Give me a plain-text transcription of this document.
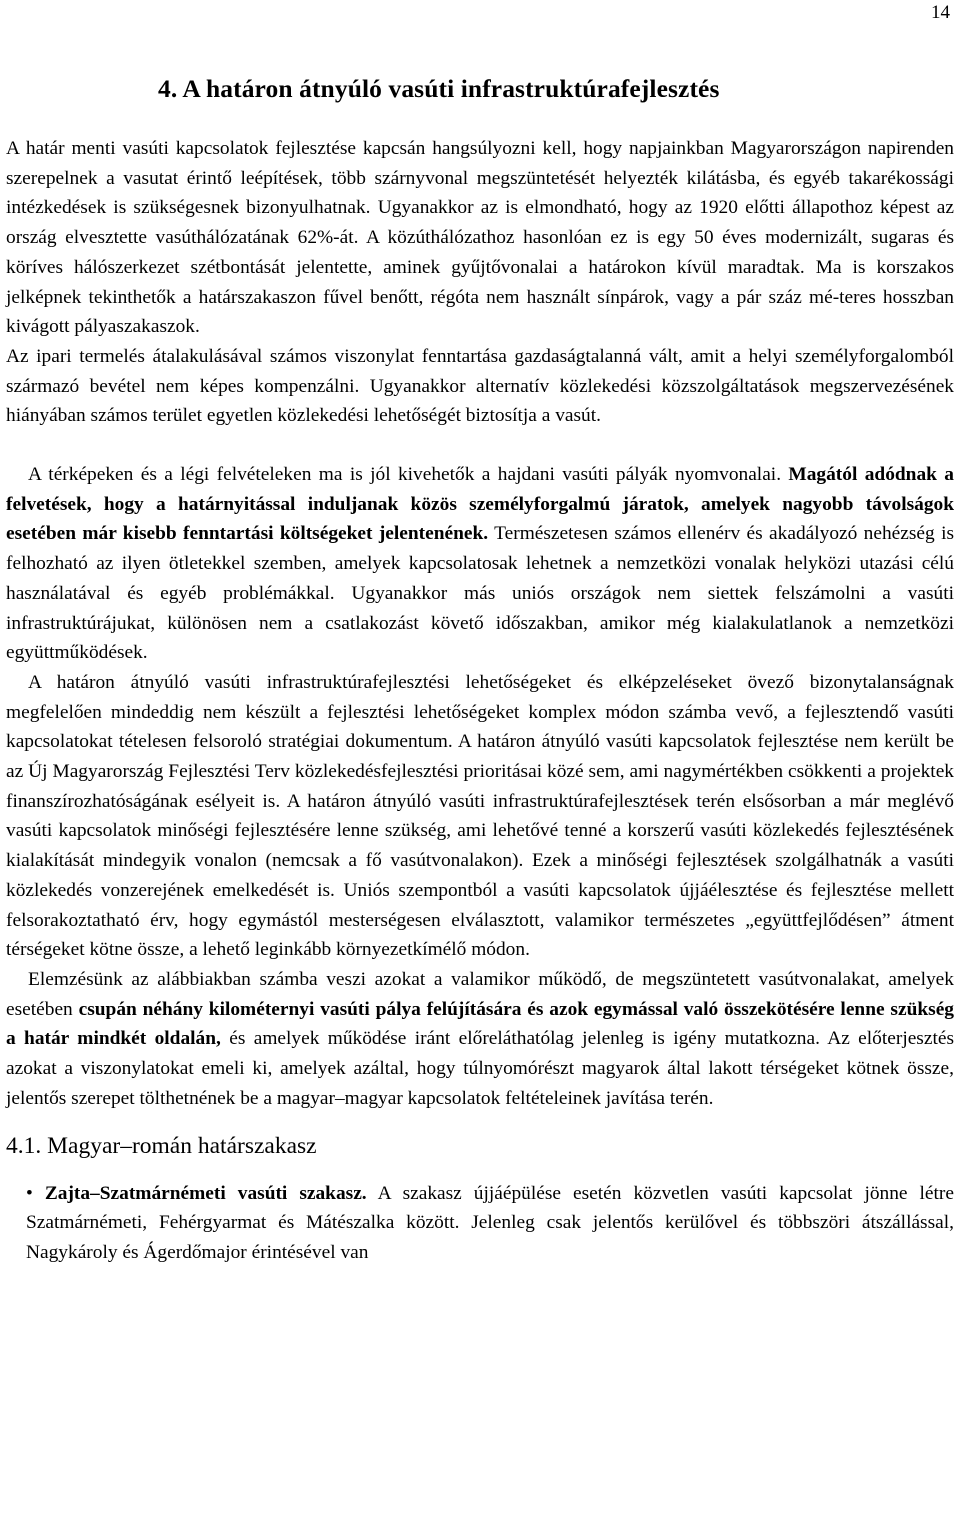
14
4. A határon átnyúló vasúti infrastruktúrafejlesztés

A határ menti vasúti kapcsolatok fejlesztése kapcsán hangsúlyozni kell, hogy napjainkban Magyarországon napirenden szerepelnek a vasutat érintő leépítések, több szárnyvonal megszüntetését helyezték kilátásba, és egyéb takarékossági intézkedések is szükségesnek bizonyulhatnak. Ugyanakkor az is elmondható, hogy az 1920 előtti állapothoz képest az ország elvesztette vasúthálózatának 62%-át. A közúthálózathoz hasonlóan ez is egy 50 éves modernizált, sugaras és köríves hálószerkezet szétbontását jelentette, aminek gyűjtővonalai a határokon kívül maradtak. Ma is korszakos jelképnek tekinthetők a határszakaszon fűvel benőtt, régóta nem használt sínpárok, vagy a pár száz mé-teres hosszban kivágott pályaszakaszok.

Az ipari termelés átalakulásával számos viszonylat fenntartása gazdaságtalanná vált, amit a helyi személyforgalomból származó bevétel nem képes kompenzálni. Ugyanakkor alternatív közlekedési közszolgáltatások megszervezésének hiányában számos terület egyetlen közlekedési lehetőségét biztosítja a vasút.

A térképeken és a légi felvételeken ma is jól kivehetők a hajdani vasúti pályák nyomvonalai. Magától adódnak a felvetések, hogy a határnyitással induljanak közös személyforgalmú járatok, amelyek nagyobb távolságok esetében már kisebb fenntartási költségeket jelentenének. Természetesen számos ellenérv és akadályozó nehézség is felhozható az ilyen ötletekkel szemben, amelyek kapcsolatosak lehetnek a nemzetközi vonalak helyközi utazási célú használatával és egyéb problémákkal. Ugyanakkor más uniós országok nem siettek felszámolni a vasúti infrastruktúrájukat, különösen nem a csatlakozást követő időszakban, amikor még kialakulatlanok a nemzetközi együttműködések.

A határon átnyúló vasúti infrastruktúrafejlesztési lehetőségeket és elképzeléseket övező bizonytalanságnak megfelelően mindeddig nem készült a fejlesztési lehetőségeket komplex módon számba vevő, a fejlesztendő vasúti kapcsolatokat tételesen felsoroló stratégiai dokumentum. A határon átnyúló vasúti kapcsolatok fejlesztése nem került be az Új Magyarország Fejlesztési Terv közlekedésfejlesztési prioritásai közé sem, ami nagymértékben csökkenti a projektek finanszírozhatóságának esélyeit is. A határon átnyúló vasúti infrastruktúrafejlesztések terén elsősorban a már meglévő vasúti kapcsolatok minőségi fejlesztésére lenne szükség, ami lehetővé tenné a korszerű vasúti közlekedés fejlesztésének kialakítását mindegyik vonalon (nemcsak a fő vasútvonalakon). Ezek a minőségi fejlesztések szolgálhatnák a vasúti közlekedés vonzerejének emelkedését is. Uniós szempontból a vasúti kapcsolatok újjáélesztése és fejlesztése mellett felsorakoztatható érv, hogy egymástól mesterségesen elválasztott, valamikor természetes „együttfejlődésen” átment térségeket kötne össze, a lehető leginkább környezetkímélő módon.

Elemzésünk az alábbiakban számba veszi azokat a valamikor működő, de megszüntetett vasútvonalakat, amelyek esetében csupán néhány kilométernyi vasúti pálya felújítására és azok egymással való összekötésére lenne szükség a határ mindkét oldalán, és amelyek működése iránt előreláthatólag jelenleg is igény mutatkozna. Az előterjesztés azokat a viszonylatokat emeli ki, amelyek azáltal, hogy túlnyomórészt magyarok által lakott térségeket kötnek össze, jelentős szerepet tölthetnének be a magyar–magyar kapcsolatok feltételeinek javítása terén.

4.1. Magyar–román határszakasz
• Zajta–Szatmárnémeti vasúti szakasz. A szakasz újjáépülése esetén közvetlen vasúti kapcsolat jönne létre Szatmárnémeti, Fehérgyarmat és Mátészalka között. Jelenleg csak jelentős kerülővel és többszöri átszállással, Nagykároly és Ágerdőmajor érintésével van
